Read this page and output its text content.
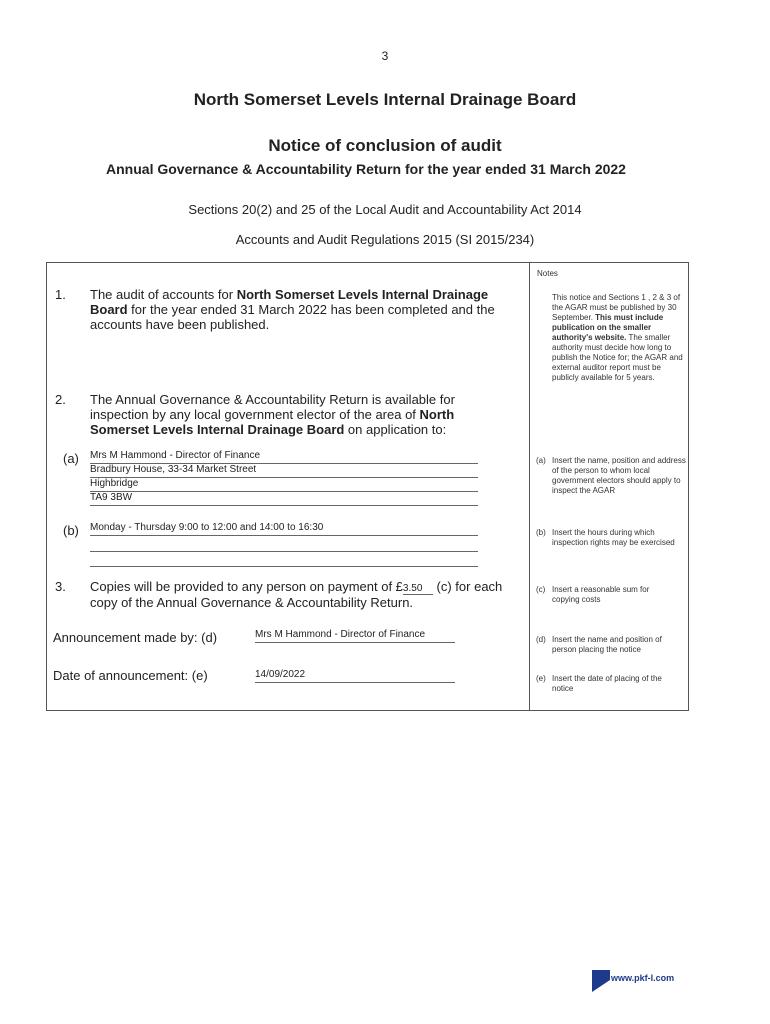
3
North Somerset Levels Internal Drainage Board
Notice of conclusion of audit
Annual Governance & Accountability Return for the year ended 31 March 2022
Sections 20(2) and 25 of the Local Audit and Accountability Act 2014
Accounts and Audit Regulations 2015 (SI 2015/234)
1. The audit of accounts for North Somerset Levels Internal Drainage Board for the year ended 31 March 2022 has been completed and the accounts have been published.
2. The Annual Governance & Accountability Return is available for inspection by any local government elector of the area of North Somerset Levels Internal Drainage Board on application to:
(a) Mrs M Hammond - Director of Finance
Bradbury House, 33-34 Market Street
Highbridge
TA9 3BW
(b) Monday - Thursday 9:00 to 12:00 and 14:00 to 16:30
3. Copies will be provided to any person on payment of £3.50 (c) for each copy of the Annual Governance & Accountability Return.
Announcement made by: (d)	Mrs M Hammond - Director of Finance
Date of announcement: (e)	14/09/2022
Notes
This notice and Sections 1 , 2 & 3 of the AGAR must be published by 30 September. This must include publication on the smaller authority's website. The smaller authority must decide how long to publish the Notice for; the AGAR and external auditor report must be publicly available for 5 years.
(a) Insert the name, position and address of the person to whom local government electors should apply to inspect the AGAR
(b) Insert the hours during which inspection rights may be exercised
(c) Insert a reasonable sum for copying costs
(d) Insert the name and position of person placing the notice
(e) Insert the date of placing of the notice
www.pkf-l.com
